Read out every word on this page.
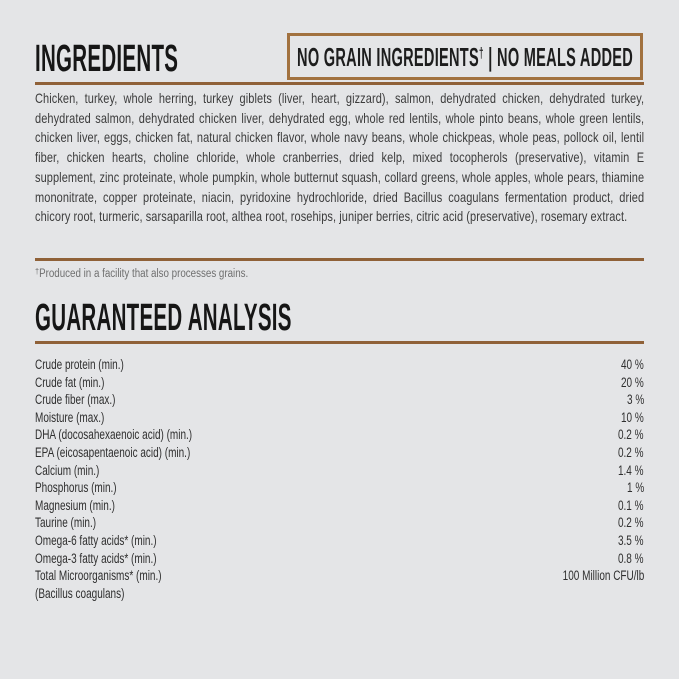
INGREDIENTS	NO GRAIN INGREDIENTS† | NO MEALS ADDED

Chicken, turkey, whole herring, turkey giblets (liver, heart, gizzard), salmon, dehydrated chicken, dehydrated turkey, dehydrated salmon, dehydrated chicken liver, dehydrated egg, whole red lentils, whole pinto beans, whole green lentils, chicken liver, eggs, chicken fat, natural chicken flavor, whole navy beans, whole chickpeas, whole peas, pollock oil, lentil fiber, chicken hearts, choline chloride, whole cranberries, dried kelp, mixed tocopherols (preservative), vitamin E supplement, zinc proteinate, whole pumpkin, whole butternut squash, collard greens, whole apples, whole pears, thiamine mononitrate, copper proteinate, niacin, pyridoxine hydrochloride, dried Bacillus coagulans fermentation product, dried chicory root, turmeric, sarsaparilla root, althea root, rosehips, juniper berries, citric acid (preservative), rosemary extract.

†Produced in a facility that also processes grains.

GUARANTEED ANALYSIS
Crude protein (min.)	40 %
Crude fat (min.)	20 %
Crude fiber (max.)	3 %
Moisture (max.)	10 %
DHA (docosahexaenoic acid) (min.)	0.2 %
EPA (eicosapentaenoic acid) (min.)	0.2 %
Calcium (min.)	1.4 %
Phosphorus (min.)	1 %
Magnesium (min.)	0.1 %
Taurine (min.)	0.2 %
Omega-6 fatty acids* (min.)	3.5 %
Omega-3 fatty acids* (min.)	0.8 %
Total Microorganisms* (min.)	100 Million CFU/lb
(Bacillus coagulans)
